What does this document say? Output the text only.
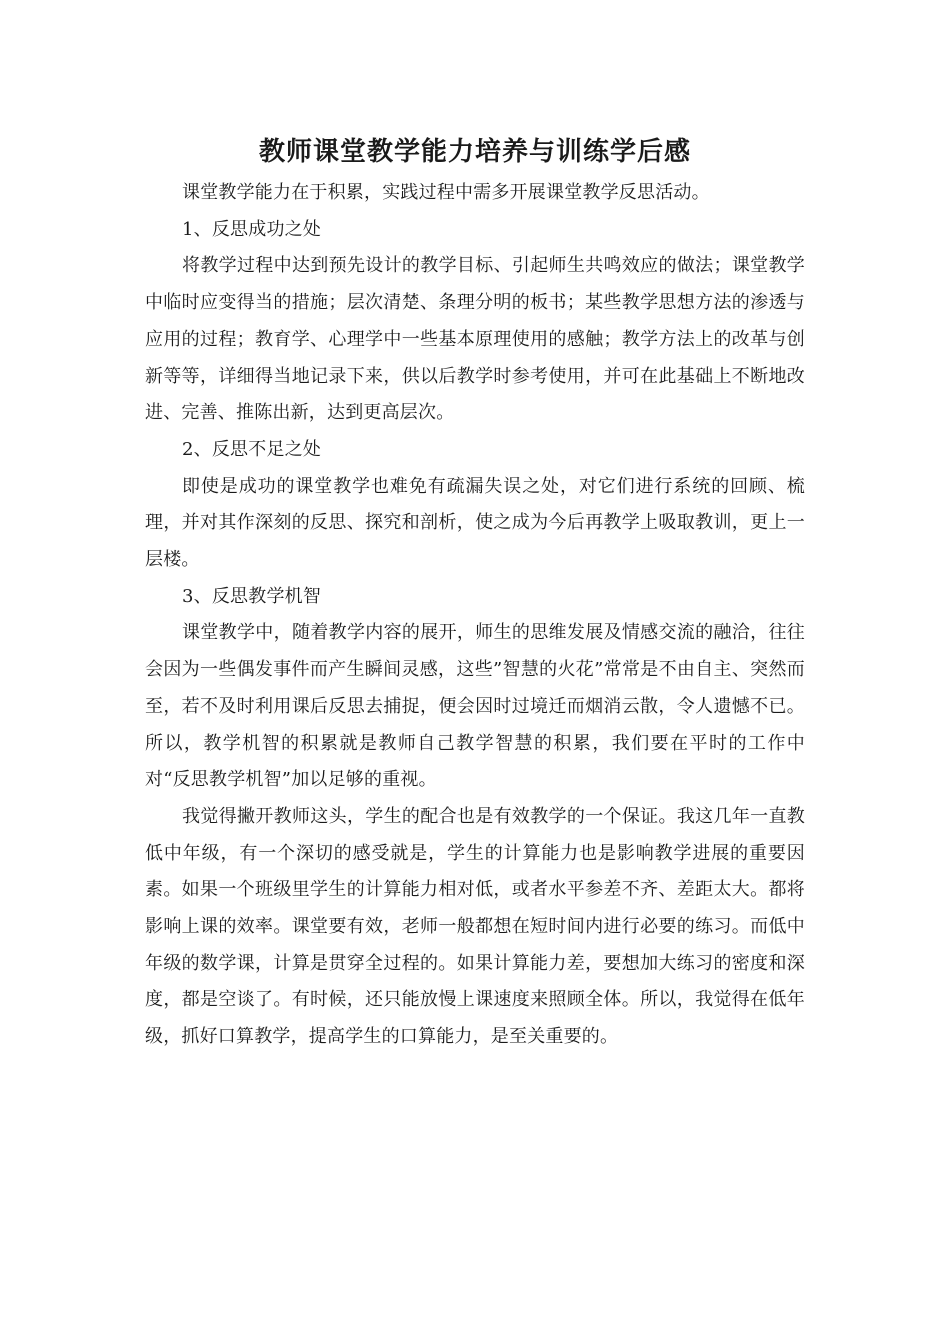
教师课堂教学能力培养与训练学后感

课堂教学能力在于积累，实践过程中需多开展课堂教学反思活动。

1、反思成功之处

将教学过程中达到预先设计的教学目标、引起师生共鸣效应的做法；课堂教学中临时应变得当的措施；层次清楚、条理分明的板书；某些教学思想方法的渗透与应用的过程；教育学、心理学中一些基本原理使用的感触；教学方法上的改革与创新等等，详细得当地记录下来，供以后教学时参考使用，并可在此基础上不断地改进、完善、推陈出新，达到更高层次。

2、反思不足之处

即使是成功的课堂教学也难免有疏漏失误之处，对它们进行系统的回顾、梳理，并对其作深刻的反思、探究和剖析，使之成为今后再教学上吸取教训，更上一层楼。

3、反思教学机智

课堂教学中，随着教学内容的展开，师生的思维发展及情感交流的融洽，往往会因为一些偶发事件而产生瞬间灵感，这些”智慧的火花”常常是不由自主、突然而至，若不及时利用课后反思去捕捉，便会因时过境迁而烟消云散，令人遗憾不已。所以，教学机智的积累就是教师自己教学智慧的积累，我们要在平时的工作中对“反思教学机智”加以足够的重视。

我觉得撇开教师这头，学生的配合也是有效教学的一个保证。我这几年一直教低中年级，有一个深切的感受就是，学生的计算能力也是影响教学进展的重要因素。如果一个班级里学生的计算能力相对低，或者水平参差不齐、差距太大。都将影响上课的效率。课堂要有效，老师一般都想在短时间内进行必要的练习。而低中年级的数学课，计算是贯穿全过程的。如果计算能力差，要想加大练习的密度和深度，都是空谈了。有时候，还只能放慢上课速度来照顾全体。所以，我觉得在低年级，抓好口算教学，提高学生的口算能力，是至关重要的。
